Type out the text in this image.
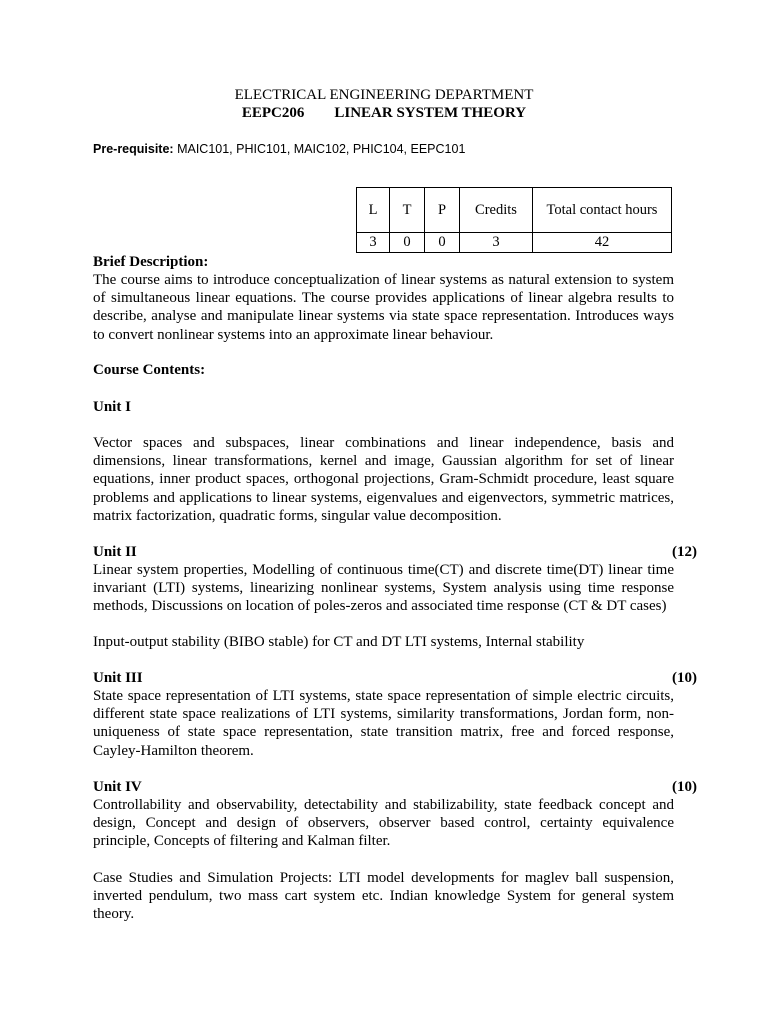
ELECTRICAL ENGINEERING DEPARTMENT
EEPC206 LINEAR SYSTEM THEORY
Pre-requisite: MAIC101, PHIC101, MAIC102, PHIC104, EEPC101
L	T	P	Credits	Total contact hours
3	0	0	3	42
Brief Description:
The course aims to introduce conceptualization of linear systems as natural extension to system of simultaneous linear equations. The course provides applications of linear algebra results to describe, analyse and manipulate linear systems via state space representation. Introduces ways to convert nonlinear systems into an approximate linear behaviour.
Course Contents:
Unit I
Vector spaces and subspaces, linear combinations and linear independence, basis and dimensions, linear transformations, kernel and image, Gaussian algorithm for set of linear equations, inner product spaces, orthogonal projections, Gram-Schmidt procedure, least square problems and applications to linear systems, eigenvalues and eigenvectors, symmetric matrices, matrix factorization, quadratic forms, singular value decomposition.
Unit II	(12)
Linear system properties, Modelling of continuous time(CT) and discrete time(DT) linear time invariant (LTI) systems, linearizing nonlinear systems, System analysis using time response methods, Discussions on location of poles-zeros and associated time response (CT & DT cases)
Input-output stability (BIBO stable) for CT and DT LTI systems, Internal stability
Unit III	(10)
State space representation of LTI systems, state space representation of simple electric circuits, different state space realizations of LTI systems, similarity transformations, Jordan form, non-uniqueness of state space representation, state transition matrix, free and forced response, Cayley-Hamilton theorem.
Unit IV	(10)
Controllability and observability, detectability and stabilizability, state feedback concept and design, Concept and design of observers, observer based control, certainty equivalence principle, Concepts of filtering and Kalman filter.
Case Studies and Simulation Projects: LTI model developments for maglev ball suspension, inverted pendulum, two mass cart system etc. Indian knowledge System for general system theory.
